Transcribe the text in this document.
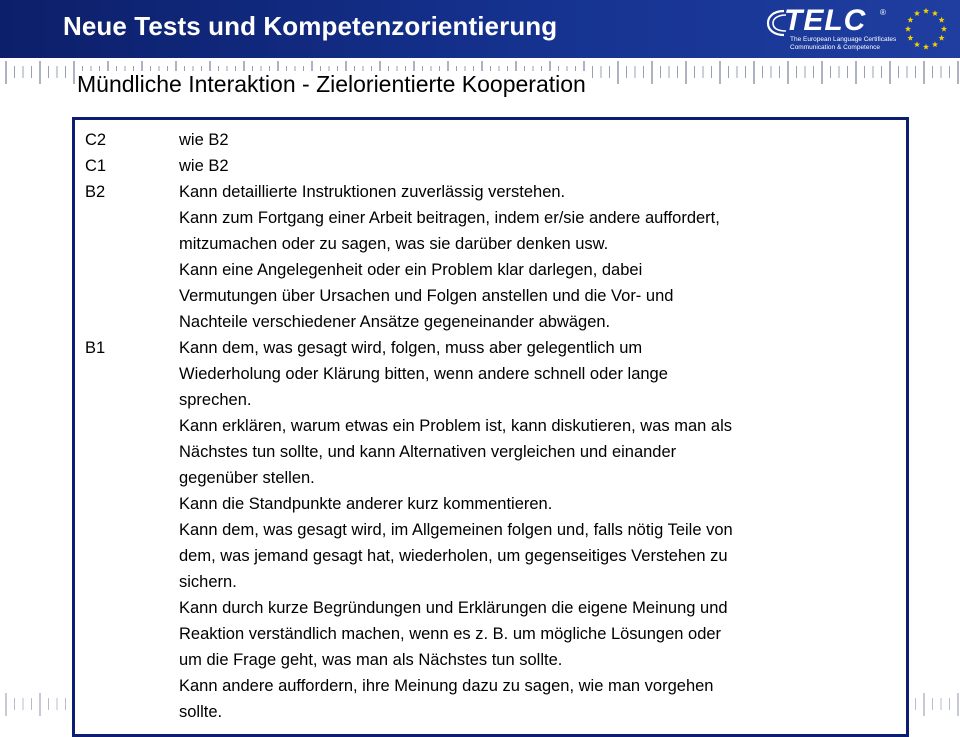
Neue Tests und Kompetenzorientierung	TELC ®
The European Language Certificates
Communication & Competence
Mündliche Interaktion - Zielorientierte Kooperation
C2	wie B2
C1	wie B2
B2	Kann detaillierte Instruktionen zuverlässig verstehen.
Kann zum Fortgang einer Arbeit beitragen, indem er/sie andere auffordert,
mitzumachen oder zu sagen, was sie darüber denken usw.
Kann eine Angelegenheit oder ein Problem klar darlegen, dabei
Vermutungen über Ursachen und Folgen anstellen und die Vor- und
Nachteile verschiedener Ansätze gegeneinander abwägen.
B1	Kann dem, was gesagt wird, folgen, muss aber gelegentlich um
Wiederholung oder Klärung bitten, wenn andere schnell oder lange
sprechen.
Kann erklären, warum etwas ein Problem ist, kann diskutieren, was man als
Nächstes tun sollte, und kann Alternativen vergleichen und einander
gegenüber stellen.
Kann die Standpunkte anderer kurz kommentieren.
Kann dem, was gesagt wird, im Allgemeinen folgen und, falls nötig Teile von
dem, was jemand gesagt hat, wiederholen, um gegenseitiges Verstehen zu
sichern.
Kann durch kurze Begründungen und Erklärungen die eigene Meinung und
Reaktion verständlich machen, wenn es z. B. um mögliche Lösungen oder
um die Frage geht, was man als Nächstes tun sollte.
Kann andere auffordern, ihre Meinung dazu zu sagen, wie man vorgehen
sollte.
